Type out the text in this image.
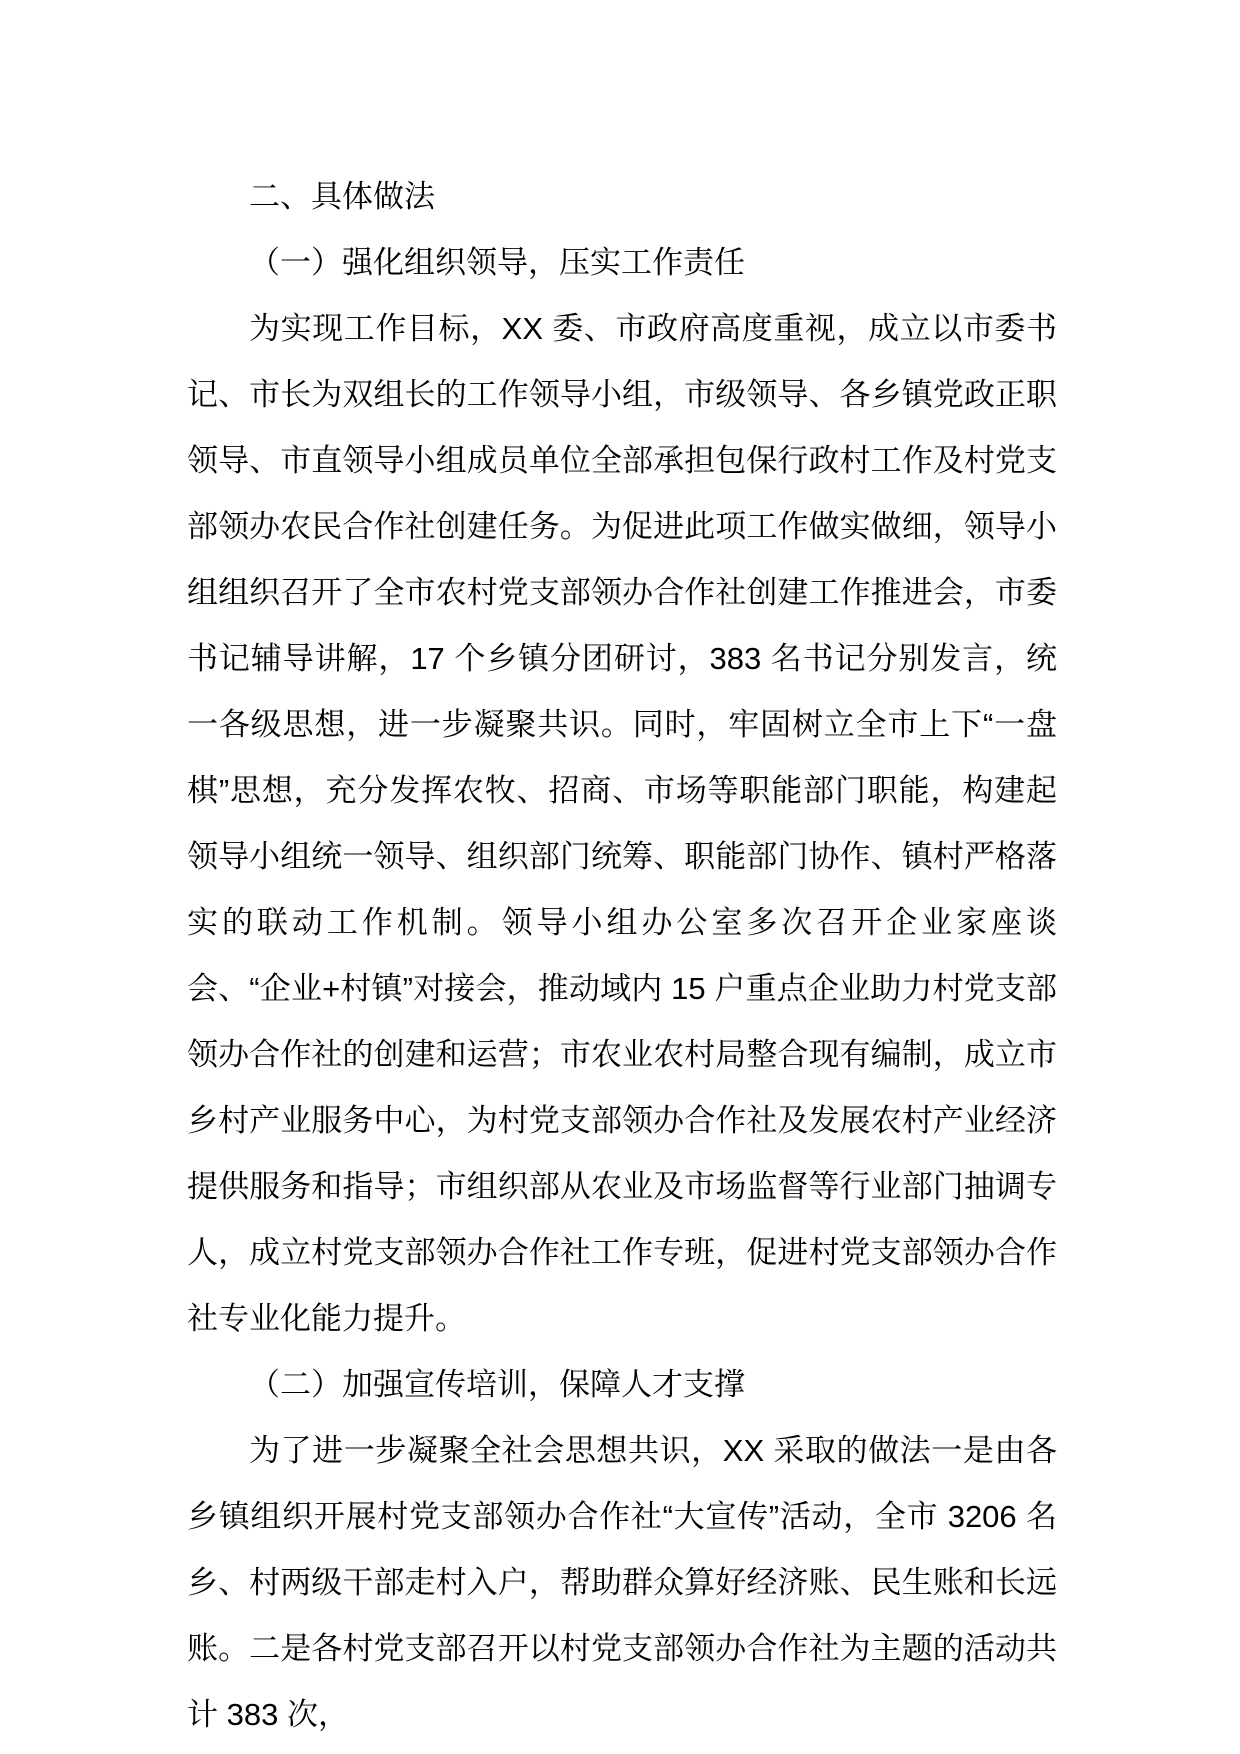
二、具体做法

（一）强化组织领导，压实工作责任

为实现工作目标，XX 委、市政府高度重视，成立以市委书记、市长为双组长的工作领导小组，市级领导、各乡镇党政正职领导、市直领导小组成员单位全部承担包保行政村工作及村党支部领办农民合作社创建任务。为促进此项工作做实做细，领导小组组织召开了全市农村党支部领办合作社创建工作推进会，市委书记辅导讲解，17 个乡镇分团研讨，383 名书记分别发言，统一各级思想，进一步凝聚共识。同时，牢固树立全市上下“一盘棋”思想，充分发挥农牧、招商、市场等职能部门职能，构建起领导小组统一领导、组织部门统筹、职能部门协作、镇村严格落实的联动工作机制。领导小组办公室多次召开企业家座谈会、“企业+村镇”对接会，推动域内 15 户重点企业助力村党支部领办合作社的创建和运营；市农业农村局整合现有编制，成立市乡村产业服务中心，为村党支部领办合作社及发展农村产业经济提供服务和指导；市组织部从农业及市场监督等行业部门抽调专人，成立村党支部领办合作社工作专班，促进村党支部领办合作社专业化能力提升。

（二）加强宣传培训，保障人才支撑

为了进一步凝聚全社会思想共识，XX 采取的做法一是由各乡镇组织开展村党支部领办合作社“大宣传”活动，全市 3206 名乡、村两级干部走村入户，帮助群众算好经济账、民生账和长远账。二是各村党支部召开以村党支部领办合作社为主题的活动共计 383 次，
